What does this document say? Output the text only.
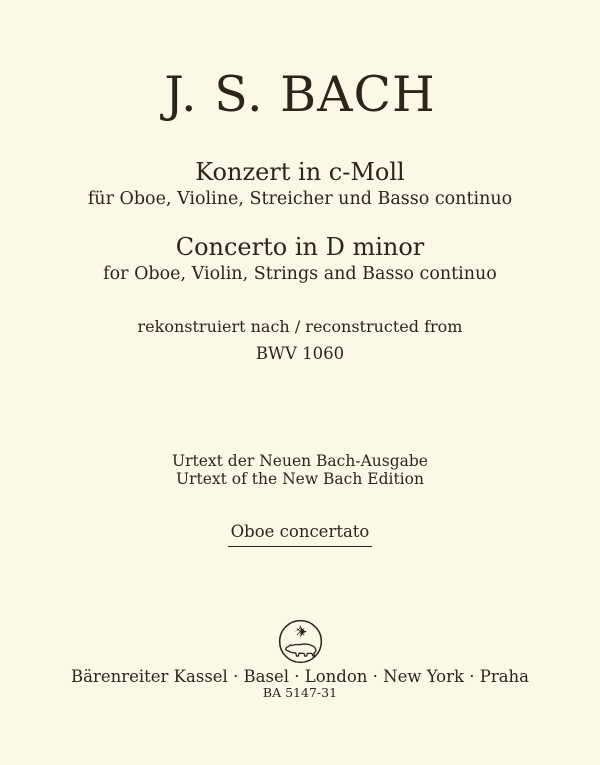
J. S. BACH
Konzert in c-Moll
für Oboe, Violine, Streicher und Basso continuo
Concerto in D minor
for Oboe, Violin, Strings and Basso continuo
rekonstruiert nach / reconstructed from
BWV 1060
Urtext der Neuen Bach-Ausgabe
Urtext of the New Bach Edition
Oboe concertato
Bärenreiter Kassel · Basel · London · New York · Praha
BA 5147-31
